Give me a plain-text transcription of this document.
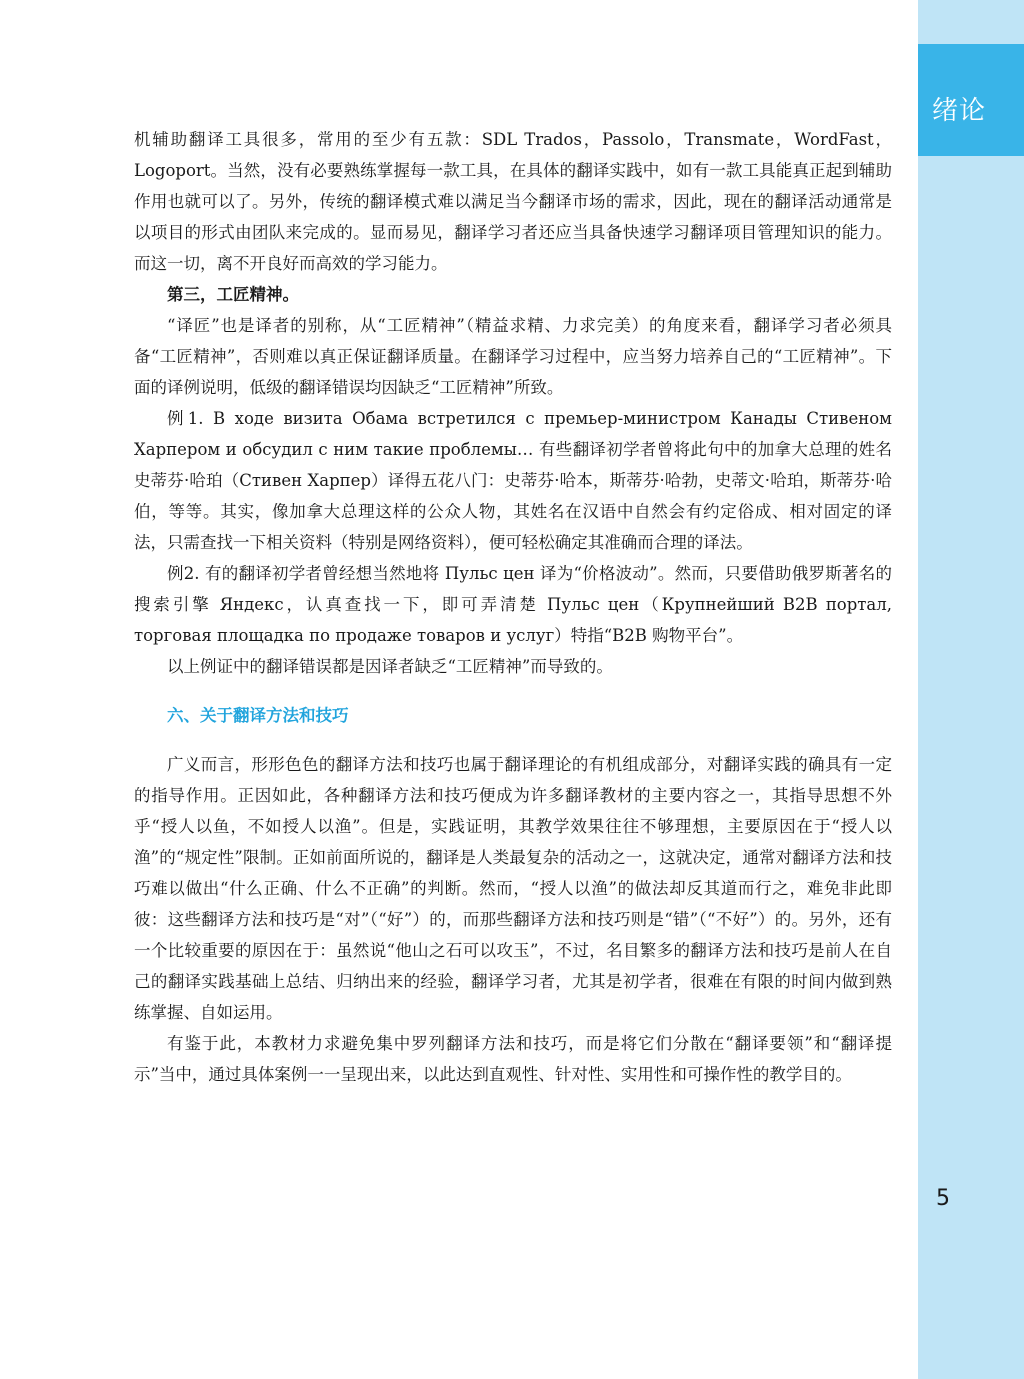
绪论
5

机辅助翻译工具很多，常用的至少有五款：SDL Trados，Passolo，Transmate，WordFast，Logoport。当然，没有必要熟练掌握每一款工具，在具体的翻译实践中，如有一款工具能真正起到辅助作用也就可以了。另外，传统的翻译模式难以满足当今翻译市场的需求，因此，现在的翻译活动通常是以项目的形式由团队来完成的。显而易见，翻译学习者还应当具备快速学习翻译项目管理知识的能力。而这一切，离不开良好而高效的学习能力。

第三，工匠精神。

“译匠”也是译者的别称，从“工匠精神”（精益求精、力求完美）的角度来看，翻译学习者必须具备“工匠精神”，否则难以真正保证翻译质量。在翻译学习过程中，应当努力培养自己的“工匠精神”。下面的译例说明，低级的翻译错误均因缺乏“工匠精神”所致。

例1. В ходе визита Обама встретился с премьер-министром Канады Стивеном Харпером и обсудил с ним такие проблемы… 有些翻译初学者曾将此句中的加拿大总理的姓名史蒂芬·哈珀（Стивен Харпер）译得五花八门：史蒂芬·哈本，斯蒂芬·哈勃，史蒂文·哈珀，斯蒂芬·哈伯，等等。其实，像加拿大总理这样的公众人物，其姓名在汉语中自然会有约定俗成、相对固定的译法，只需查找一下相关资料（特别是网络资料），便可轻松确定其准确而合理的译法。

例2. 有的翻译初学者曾经想当然地将 Пульс цен 译为“价格波动”。然而，只要借助俄罗斯著名的搜索引擎 Яндекс，认真查找一下，即可弄清楚 Пульс цен（Крупнейший B2B портал, торговая площадка по продаже товаров и услуг）特指“B2B 购物平台”。

以上例证中的翻译错误都是因译者缺乏“工匠精神”而导致的。

六、关于翻译方法和技巧

广义而言，形形色色的翻译方法和技巧也属于翻译理论的有机组成部分，对翻译实践的确具有一定的指导作用。正因如此，各种翻译方法和技巧便成为许多翻译教材的主要内容之一，其指导思想不外乎“授人以鱼，不如授人以渔”。但是，实践证明，其教学效果往往不够理想，主要原因在于“授人以渔”的“规定性”限制。正如前面所说的，翻译是人类最复杂的活动之一，这就决定，通常对翻译方法和技巧难以做出“什么正确、什么不正确”的判断。然而，“授人以渔”的做法却反其道而行之，难免非此即彼：这些翻译方法和技巧是“对”（“好”）的，而那些翻译方法和技巧则是“错”（“不好”）的。另外，还有一个比较重要的原因在于：虽然说“他山之石可以攻玉”，不过，名目繁多的翻译方法和技巧是前人在自己的翻译实践基础上总结、归纳出来的经验，翻译学习者，尤其是初学者，很难在有限的时间内做到熟练掌握、自如运用。

有鉴于此，本教材力求避免集中罗列翻译方法和技巧，而是将它们分散在“翻译要领”和“翻译提示”当中，通过具体案例一一呈现出来，以此达到直观性、针对性、实用性和可操作性的教学目的。
